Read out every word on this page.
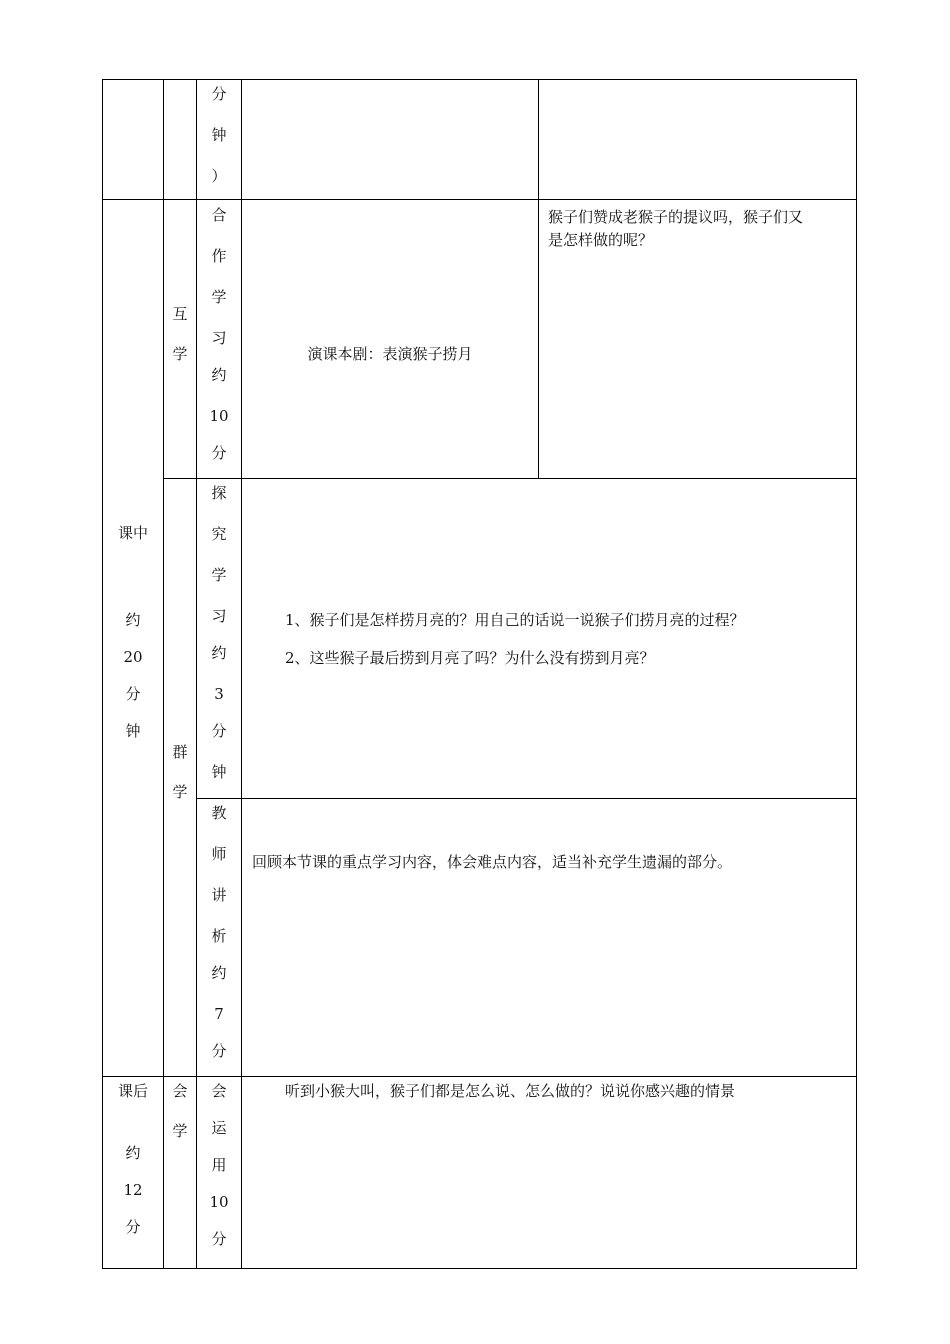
分
钟
）
互
学
合
作
学
习
约
10
分
演课本剧：表演猴子捞月
猴子们赞成老猴子的提议吗，猴子们又
是怎样做的呢？
课中
约
20
分
钟
群
学
探
究
学
习
约
3
分
钟
1、猴子们是怎样捞月亮的？用自己的话说一说猴子们捞月亮的过程？
2、这些猴子最后捞到月亮了吗？为什么没有捞到月亮？
教
师
讲
析
约
7
分
回顾本节课的重点学习内容，体会难点内容，适当补充学生遗漏的部分。
课后
约
12
分
会
学
会
运
用
10
分
听到小猴大叫，猴子们都是怎么说、怎么做的？说说你感兴趣的情景
